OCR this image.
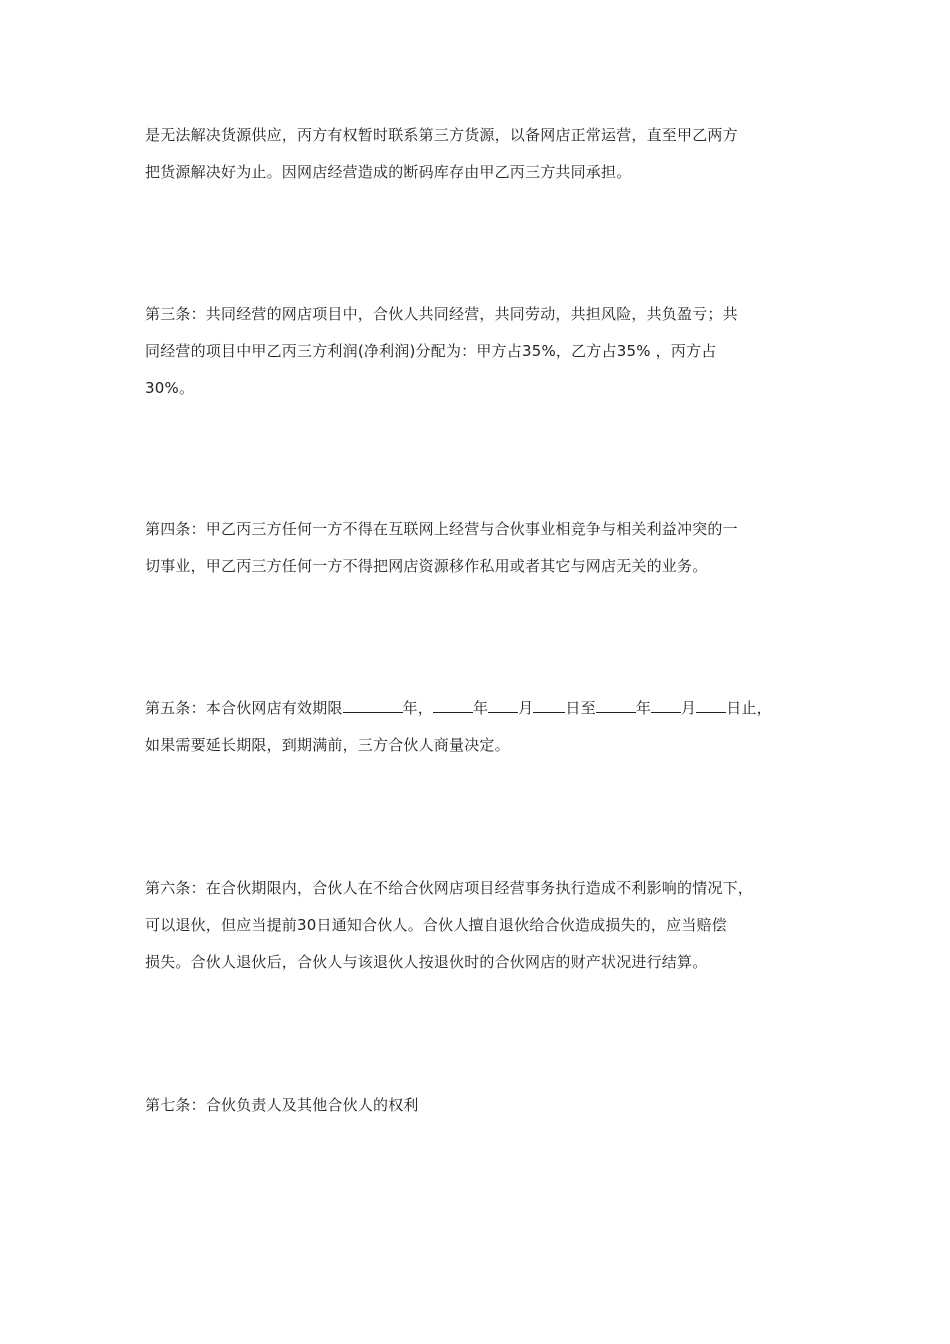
是无法解决货源供应，丙方有权暂时联系第三方货源，以备网店正常运营，直至甲乙两方
把货源解决好为止。因网店经营造成的断码库存由甲乙丙三方共同承担。

第三条：共同经营的网店项目中，合伙人共同经营，共同劳动，共担风险，共负盈亏；共
同经营的项目中甲乙丙三方利润(净利润)分配为：甲方占35%，乙方占35% ，丙方占
30%。

第四条：甲乙丙三方任何一方不得在互联网上经营与合伙事业相竞争与相关利益冲突的一
切事业，甲乙丙三方任何一方不得把网店资源移作私用或者其它与网店无关的业务。

第五条：本合伙网店有效期限	年，	年 月 日至	年 月 日止，
如果需要延长期限，到期满前，三方合伙人商量决定。

第六条：在合伙期限内，合伙人在不给合伙网店项目经营事务执行造成不利影响的情况下，
可以退伙，但应当提前30日通知合伙人。合伙人擅自退伙给合伙造成损失的，应当赔偿
损失。合伙人退伙后，合伙人与该退伙人按退伙时的合伙网店的财产状况进行结算。

第七条：合伙负责人及其他合伙人的权利
